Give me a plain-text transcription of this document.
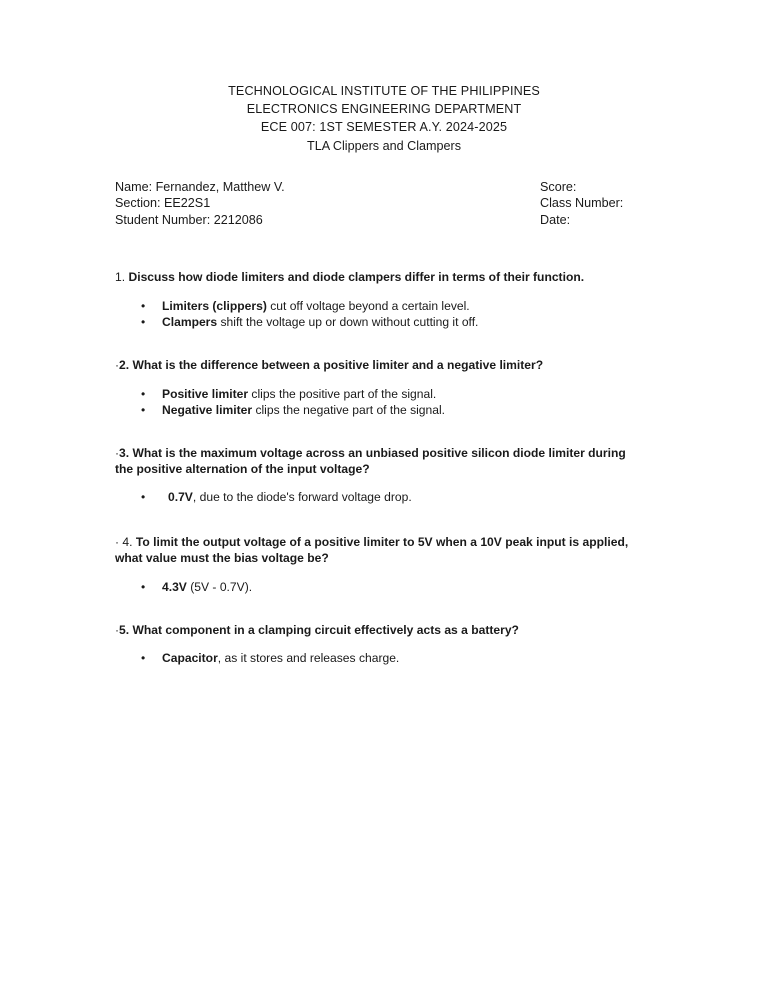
TECHNOLOGICAL INSTITUTE OF THE PHILIPPINES
ELECTRONICS ENGINEERING DEPARTMENT
ECE 007: 1ST SEMESTER A.Y. 2024-2025
TLA Clippers and Clampers
Name: Fernandez, Matthew V.	Score:
Section: EE22S1	Class Number:
Student Number: 2212086	Date:

1. Discuss how diode limiters and diode clampers differ in terms of their function.

• Limiters (clippers) cut off voltage beyond a certain level.
• Clampers shift the voltage up or down without cutting it off.

·2. What is the difference between a positive limiter and a negative limiter?

• Positive limiter clips the positive part of the signal.
• Negative limiter clips the negative part of the signal.

·3. What is the maximum voltage across an unbiased positive silicon diode limiter during the positive alternation of the input voltage?

• 0.7V, due to the diode's forward voltage drop.

· 4. To limit the output voltage of a positive limiter to 5V when a 10V peak input is applied, what value must the bias voltage be?

• 4.3V (5V - 0.7V).

·5. What component in a clamping circuit effectively acts as a battery?

• Capacitor, as it stores and releases charge.
